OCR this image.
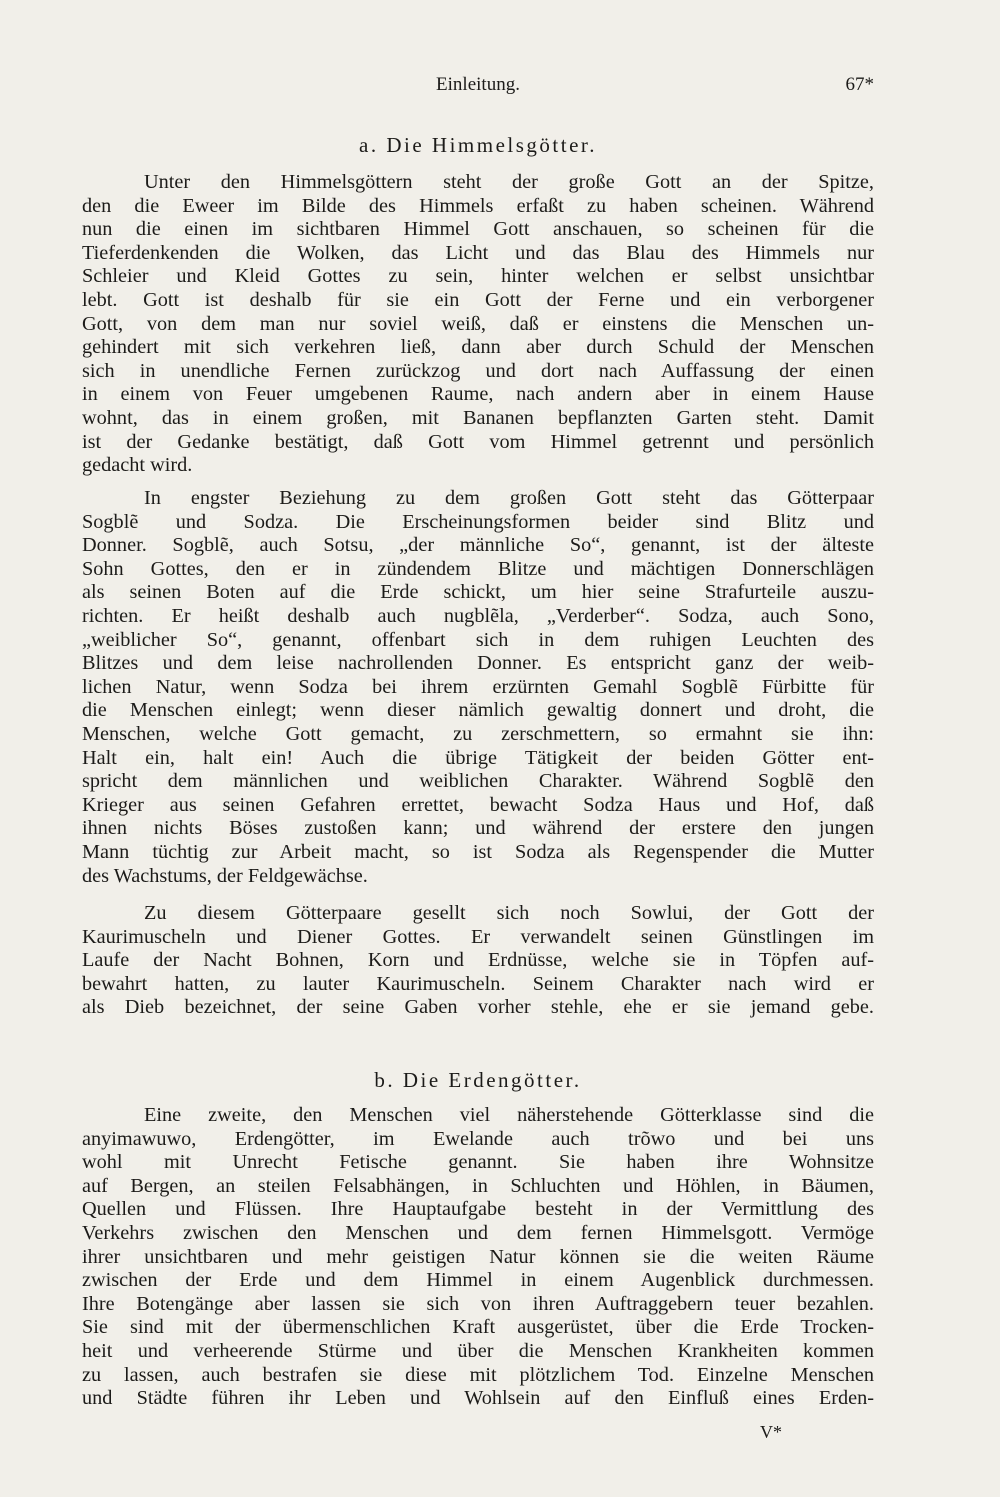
Einleitung.	67*
a. Die Himmelsgötter.
Unter den Himmelsgöttern steht der große Gott an der Spitze,
den die Eweer im Bilde des Himmels erfaßt zu haben scheinen. Während
nun die einen im sichtbaren Himmel Gott anschauen, so scheinen für die
Tieferdenkenden die Wolken, das Licht und das Blau des Himmels nur
Schleier und Kleid Gottes zu sein, hinter welchen er selbst unsichtbar
lebt. Gott ist deshalb für sie ein Gott der Ferne und ein verborgener
Gott, von dem man nur soviel weiß, daß er einstens die Menschen un-
gehindert mit sich verkehren ließ, dann aber durch Schuld der Menschen
sich in unendliche Fernen zurückzog und dort nach Auffassung der einen
in einem von Feuer umgebenen Raume, nach andern aber in einem Hause
wohnt, das in einem großen, mit Bananen bepflanzten Garten steht. Damit
ist der Gedanke bestätigt, daß Gott vom Himmel getrennt und persönlich
gedacht wird.
In engster Beziehung zu dem großen Gott steht das Götterpaar
Sogblẽ und Sodza. Die Erscheinungsformen beider sind Blitz und
Donner. Sogblẽ, auch Sotsu, „der männliche So“, genannt, ist der älteste
Sohn Gottes, den er in zündendem Blitze und mächtigen Donnerschlägen
als seinen Boten auf die Erde schickt, um hier seine Strafurteile auszu-
richten. Er heißt deshalb auch nugblẽla, „Verderber“. Sodza, auch Sono,
„weiblicher So“, genannt, offenbart sich in dem ruhigen Leuchten des
Blitzes und dem leise nachrollenden Donner. Es entspricht ganz der weib-
lichen Natur, wenn Sodza bei ihrem erzürnten Gemahl Sogblẽ Fürbitte für
die Menschen einlegt; wenn dieser nämlich gewaltig donnert und droht, die
Menschen, welche Gott gemacht, zu zerschmettern, so ermahnt sie ihn:
Halt ein, halt ein! Auch die übrige Tätigkeit der beiden Götter ent-
spricht dem männlichen und weiblichen Charakter. Während Sogblẽ den
Krieger aus seinen Gefahren errettet, bewacht Sodza Haus und Hof, daß
ihnen nichts Böses zustoßen kann; und während der erstere den jungen
Mann tüchtig zur Arbeit macht, so ist Sodza als Regenspender die Mutter
des Wachstums, der Feldgewächse.
Zu diesem Götterpaare gesellt sich noch Sowlui, der Gott der
Kaurimuscheln und Diener Gottes. Er verwandelt seinen Günstlingen im
Laufe der Nacht Bohnen, Korn und Erdnüsse, welche sie in Töpfen auf-
bewahrt hatten, zu lauter Kaurimuscheln. Seinem Charakter nach wird er
als Dieb bezeichnet, der seine Gaben vorher stehle, ehe er sie jemand gebe.
b. Die Erdengötter.
Eine zweite, den Menschen viel näherstehende Götterklasse sind die
anyimawuwo, Erdengötter, im Ewelande auch trõwo und bei uns
wohl mit Unrecht Fetische genannt. Sie haben ihre Wohnsitze
auf Bergen, an steilen Felsabhängen, in Schluchten und Höhlen, in Bäumen,
Quellen und Flüssen. Ihre Hauptaufgabe besteht in der Vermittlung des
Verkehrs zwischen den Menschen und dem fernen Himmelsgott. Vermöge
ihrer unsichtbaren und mehr geistigen Natur können sie die weiten Räume
zwischen der Erde und dem Himmel in einem Augenblick durchmessen.
Ihre Botengänge aber lassen sie sich von ihren Auftraggebern teuer bezahlen.
Sie sind mit der übermenschlichen Kraft ausgerüstet, über die Erde Trocken-
heit und verheerende Stürme und über die Menschen Krankheiten kommen
zu lassen, auch bestrafen sie diese mit plötzlichem Tod. Einzelne Menschen
und Städte führen ihr Leben und Wohlsein auf den Einfluß eines Erden-
V*
